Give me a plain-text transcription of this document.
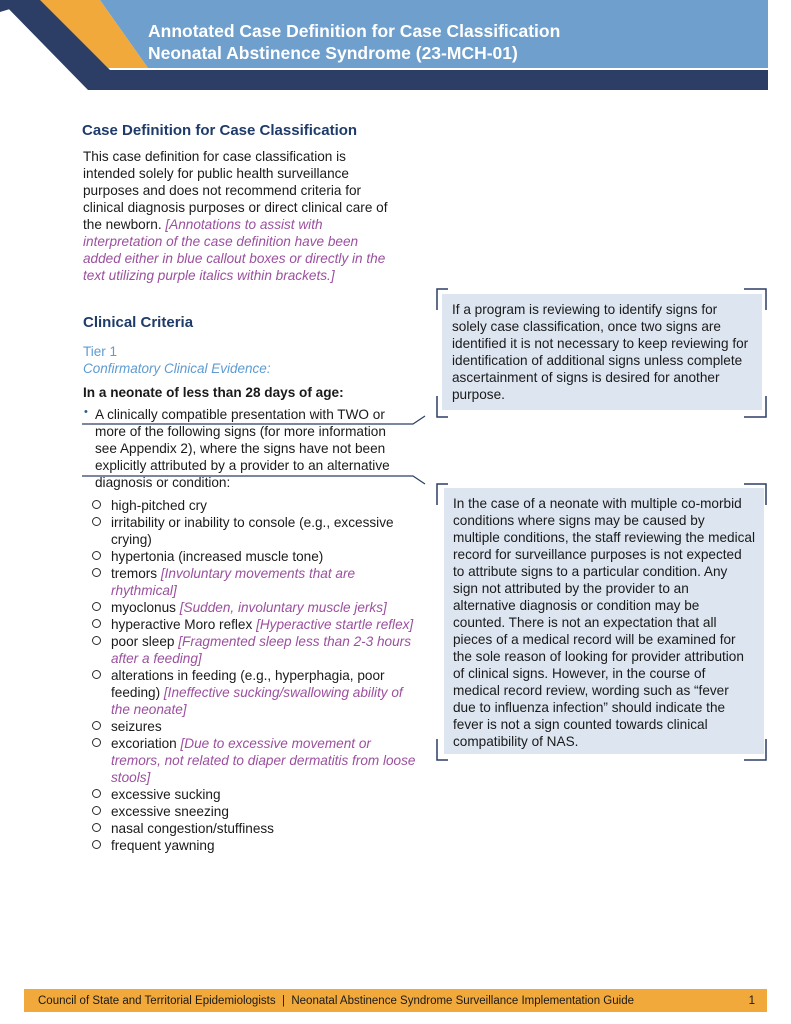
Annotated Case Definition for Case Classification
Neonatal Abstinence Syndrome (23-MCH-01)
Case Definition for Case Classification
This case definition for case classification is intended solely for public health surveillance purposes and does not recommend criteria for clinical diagnosis purposes or direct clinical care of the newborn. [Annotations to assist with interpretation of the case definition have been added either in blue callout boxes or directly in the text utilizing purple italics within brackets.]
Clinical Criteria
Tier 1
Confirmatory Clinical Evidence:
In a neonate of less than 28 days of age:
• A clinically compatible presentation with TWO or more of the following signs (for more information see Appendix 2), where the signs have not been explicitly attributed by a provider to an alternative diagnosis or condition:
high-pitched cry
irritability or inability to console (e.g., excessive crying)
hypertonia (increased muscle tone)
tremors [Involuntary movements that are rhythmical]
myoclonus [Sudden, involuntary muscle jerks]
hyperactive Moro reflex [Hyperactive startle reflex]
poor sleep [Fragmented sleep less than 2-3 hours after a feeding]
alterations in feeding (e.g., hyperphagia, poor feeding) [Ineffective sucking/swallowing ability of the neonate]
seizures
excoriation [Due to excessive movement or tremors, not related to diaper dermatitis from loose stools]
excessive sucking
excessive sneezing
nasal congestion/stuffiness
frequent yawning
If a program is reviewing to identify signs for solely case classification, once two signs are identified it is not necessary to keep reviewing for identification of additional signs unless complete ascertainment of signs is desired for another purpose.
In the case of a neonate with multiple co-morbid conditions where signs may be caused by multiple conditions, the staff reviewing the medical record for surveillance purposes is not expected to attribute signs to a particular condition. Any sign not attributed by the provider to an alternative diagnosis or condition may be counted. There is not an expectation that all pieces of a medical record will be examined for the sole reason of looking for provider attribution of clinical signs. However, in the course of medical record review, wording such as “fever due to influenza infection” should indicate the fever is not a sign counted towards clinical compatibility of NAS.
Council of State and Territorial Epidemiologists  |  Neonatal Abstinence Syndrome Surveillance Implementation Guide	1
